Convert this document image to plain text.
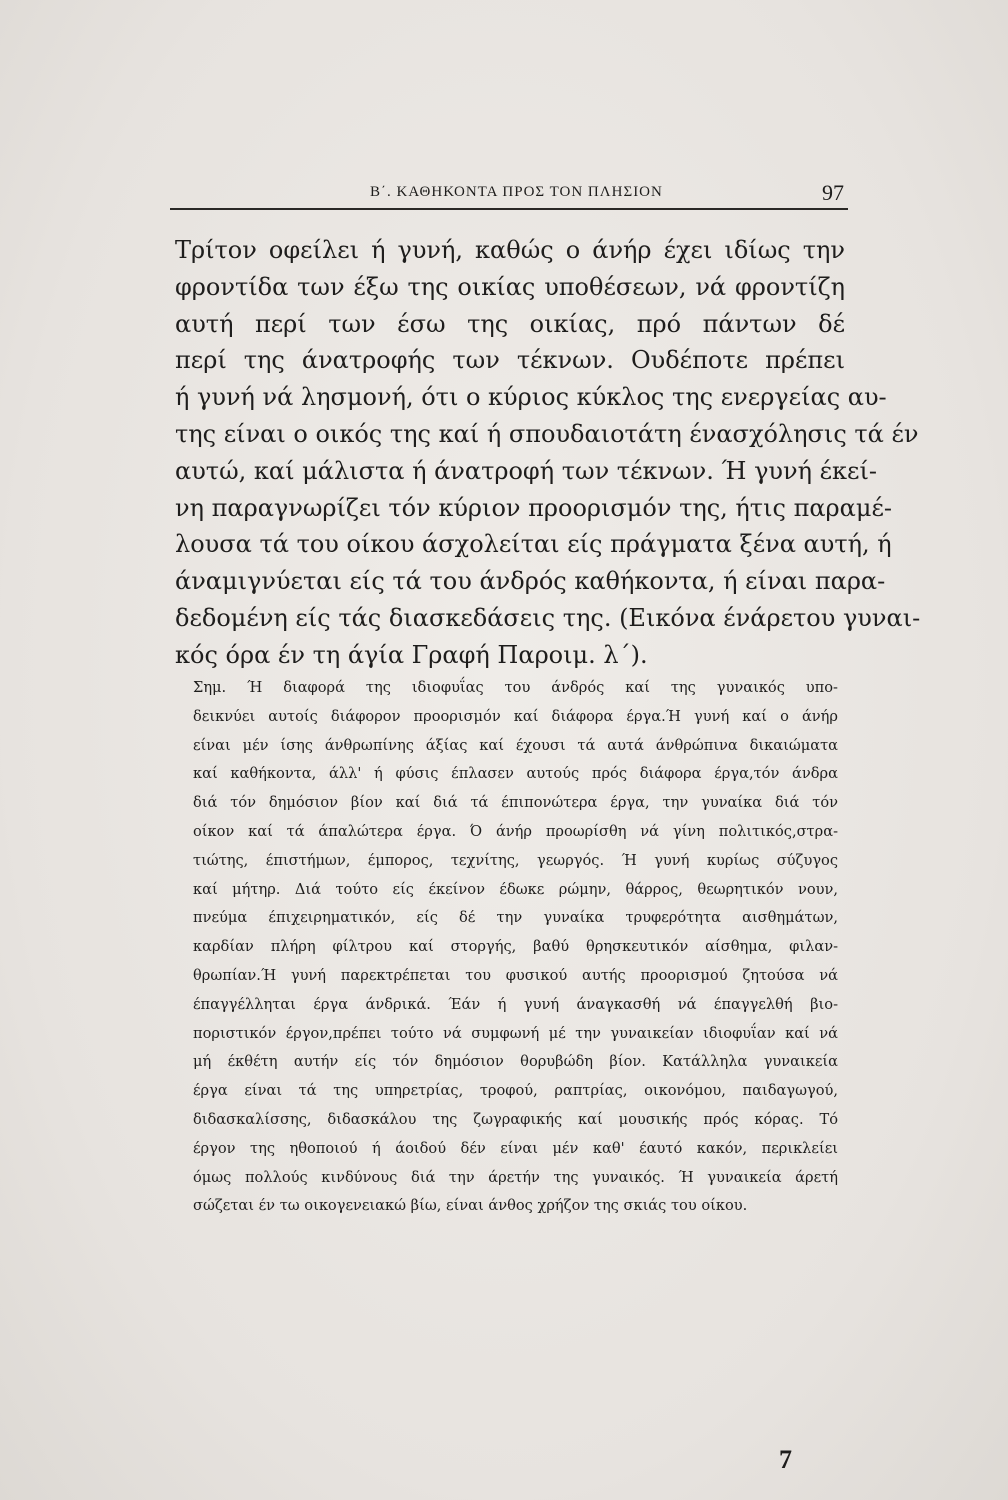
Β΄. ΚΑΘΗΚΟΝΤΑ ΠΡΟΣ ΤΟΝ ΠΛΗΣΙΟΝ	97
Τρίτον οφείλει ή γυνή, καθώς ο άνήρ έχει ιδίως την
φροντίδα των έξω της οικίας υποθέσεων, νά φροντίζη
αυτή περί των έσω της οικίας, πρό πάντων δέ
περί της άνατροφής των τέκνων. Ουδέποτε πρέπει
ή γυνή νά λησμονή, ότι ο κύριος κύκλος της ενεργείας αυ-
της είναι ο οικός της καί ή σπουδαιοτάτη ένασχόλησις τά έν
αυτώ, καί μάλιστα ή άνατροφή των τέκνων. Ή γυνή έκεί-
νη παραγνωρίζει τόν κύριον προορισμόν της, ήτις παραμέ-
λουσα τά του οίκου άσχολείται είς πράγματα ξένα αυτή, ή
άναμιγνύεται είς τά του άνδρός καθήκοντα, ή είναι παρα-
δεδομένη είς τάς διασκεδάσεις της. (Εικόνα ένάρετου γυναι-
κός όρα έν τη άγία Γραφή Παροιμ. λ΄).
Σημ. Ή διαφορά της ιδιοφυΐας του άνδρός καί της γυναικός υπο-
δεικνύει αυτοίς διάφορον προορισμόν καί διάφορα έργα.Ή γυνή καί ο άνήρ
είναι μέν ίσης άνθρωπίνης άξίας καί έχουσι τά αυτά άνθρώπινα δικαιώματα
καί καθήκοντα, άλλ' ή φύσις έπλασεν αυτούς πρός διάφορα έργα,τόν άνδρα
διά τόν δημόσιον βίον καί διά τά έπιπονώτερα έργα, την γυναίκα διά τόν
οίκον καί τά άπαλώτερα έργα. Ό άνήρ προωρίσθη νά γίνη πολιτικός,στρα-
τιώτης, έπιστήμων, έμπορος, τεχνίτης, γεωργός. Ή γυνή κυρίως σύζυγος
καί μήτηρ. Διά τούτο είς έκείνον έδωκε ρώμην, θάρρος, θεωρητικόν νουν,
πνεύμα έπιχειρηματικόν, είς δέ την γυναίκα τρυφερότητα αισθημάτων,
καρδίαν πλήρη φίλτρου καί στοργής, βαθύ θρησκευτικόν αίσθημα, φιλαν-
θρωπίαν.Ή γυνή παρεκτρέπεται του φυσικού αυτής προορισμού ζητούσα νά
έπαγγέλληται έργα άνδρικά. Έάν ή γυνή άναγκασθή νά έπαγγελθή βιο-
ποριστικόν έργον,πρέπει τούτο νά συμφωνή μέ την γυναικείαν ιδιοφυΐαν καί νά
μή έκθέτη αυτήν είς τόν δημόσιον θορυβώδη βίον. Κατάλληλα γυναικεία
έργα είναι τά της υπηρετρίας, τροφού, ραπτρίας, οικονόμου, παιδαγωγού,
διδασκαλίσσης, διδασκάλου της ζωγραφικής καί μουσικής πρός κόρας. Τό
έργον της ηθοποιού ή άοιδού δέν είναι μέν καθ' έαυτό κακόν, περικλείει
όμως πολλούς κινδύνους διά την άρετήν της γυναικός. Ή γυναικεία άρετή
σώζεται έν τω οικογενειακώ βίω, είναι άνθος χρήζον της σκιάς του οίκου.
7
